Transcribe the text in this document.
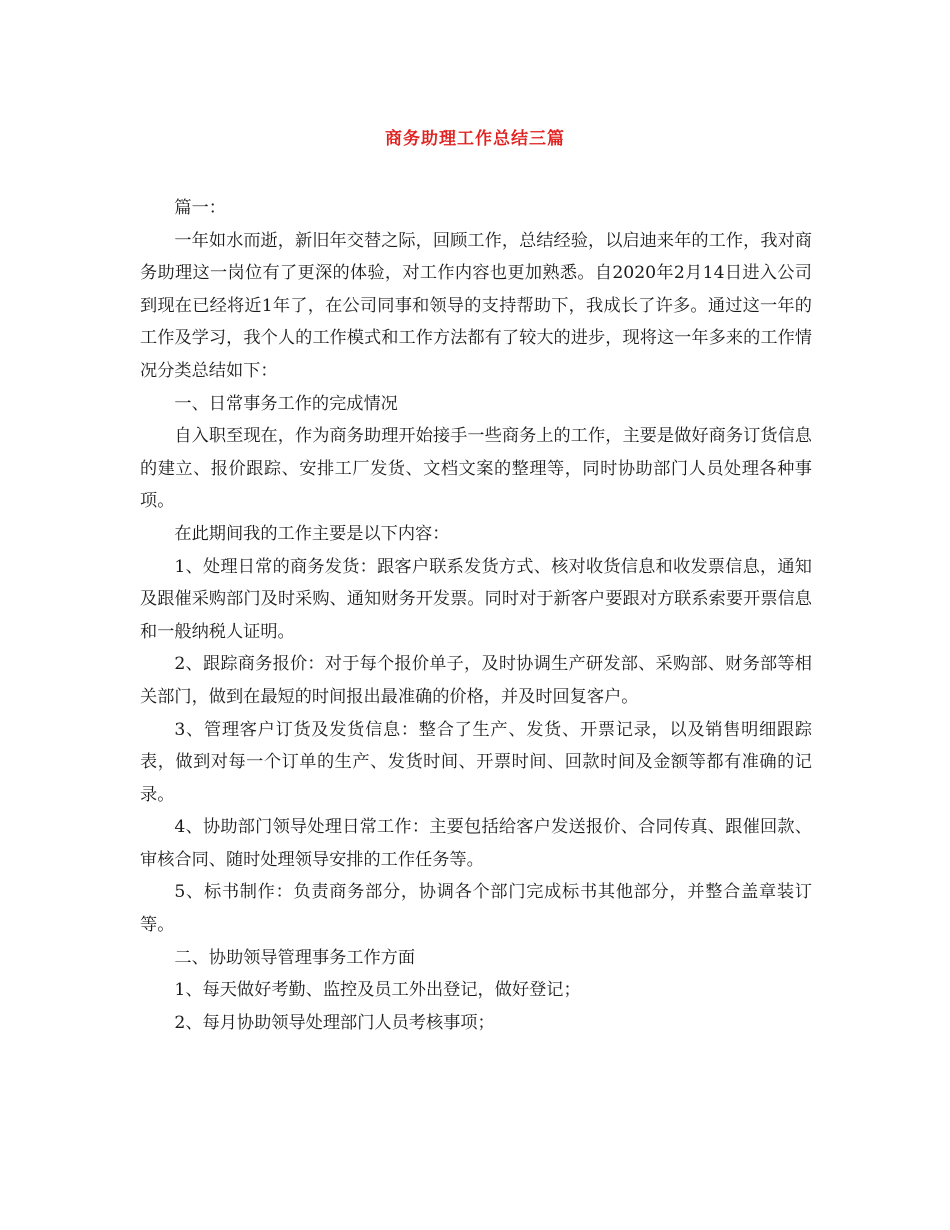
商务助理工作总结三篇

篇一：

一年如水而逝，新旧年交替之际，回顾工作，总结经验，以启迪来年的工作，我对商务助理这一岗位有了更深的体验，对工作内容也更加熟悉。自2020年2月14日进入公司到现在已经将近1年了，在公司同事和领导的支持帮助下，我成长了许多。通过这一年的工作及学习，我个人的工作模式和工作方法都有了较大的进步，现将这一年多来的工作情况分类总结如下：

一、日常事务工作的完成情况

自入职至现在，作为商务助理开始接手一些商务上的工作，主要是做好商务订货信息的建立、报价跟踪、安排工厂发货、文档文案的整理等，同时协助部门人员处理各种事项。

在此期间我的工作主要是以下内容：

1、处理日常的商务发货：跟客户联系发货方式、核对收货信息和收发票信息，通知及跟催采购部门及时采购、通知财务开发票。同时对于新客户要跟对方联系索要开票信息和一般纳税人证明。

2、跟踪商务报价：对于每个报价单子，及时协调生产研发部、采购部、财务部等相关部门，做到在最短的时间报出最准确的价格，并及时回复客户。

3、管理客户订货及发货信息：整合了生产、发货、开票记录，以及销售明细跟踪表，做到对每一个订单的生产、发货时间、开票时间、回款时间及金额等都有准确的记录。

4、协助部门领导处理日常工作：主要包括给客户发送报价、合同传真、跟催回款、审核合同、随时处理领导安排的工作任务等。

5、标书制作：负责商务部分，协调各个部门完成标书其他部分，并整合盖章装订等。

二、协助领导管理事务工作方面

1、每天做好考勤、监控及员工外出登记，做好登记；

2、每月协助领导处理部门人员考核事项；
